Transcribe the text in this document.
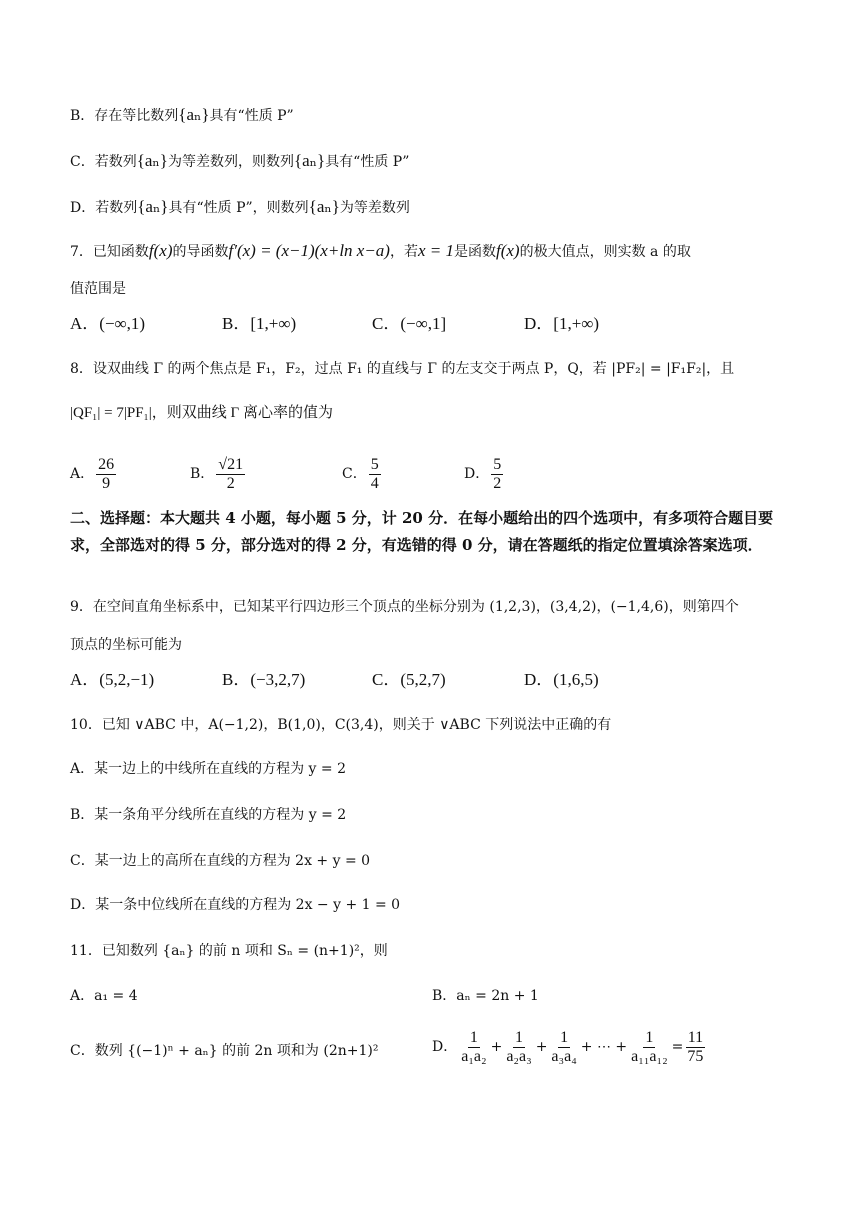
B．存在等比数列{aₙ}具有“性质 P”
C．若数列{aₙ}为等差数列，则数列{aₙ}具有“性质 P”
D．若数列{aₙ}具有“性质 P”，则数列{aₙ}为等差数列
7．已知函数f(x)的导函数f′(x) = (x−1)(x+ln x−a)，若x = 1是函数f(x)的极大值点，则实数 a 的取
值范围是
A．(−∞,1)	B．[1,+∞)	C．(−∞,1]	D．[1,+∞)
8．设双曲线 Γ 的两个焦点是 F₁，F₂，过点 F₁ 的直线与 Γ 的左支交于两点 P，Q，若 |PF₂| = |F₁F₂|，且
|QF₁| = 7|PF₁|，则双曲线 Γ 离心率的值为
A． $\frac{26}{9}$	B． $\frac{√21}{2}$	C． $\frac{5}{4}$	D． $\frac{5}{2}$
二、选择题：本大题共 4 小题，每小题 5 分，计 20 分．在每小题给出的四个选项中，有多项符合题目要求，全部选对的得 5 分，部分选对的得 2 分，有选错的得 0 分，请在答题纸的指定位置填涂答案选项．
9．在空间直角坐标系中，已知某平行四边形三个顶点的坐标分别为 (1,2,3)，(3,4,2)，(−1,4,6)，则第四个
顶点的坐标可能为
A．(5,2,−1)	B．(−3,2,7)	C．(5,2,7)	D．(1,6,5)
10．已知 ∨ABC 中，A(−1,2)，B(1,0)，C(3,4)，则关于 ∨ABC 下列说法中正确的有
A．某一边上的中线所在直线的方程为 y = 2
B．某一条角平分线所在直线的方程为 y = 2
C．某一边上的高所在直线的方程为 2x + y = 0
D．某一条中位线所在直线的方程为 2x − y + 1 = 0
11．已知数列 {aₙ} 的前 n 项和 Sₙ = (n+1)²，则
A．a₁ = 4	B．aₙ = 2n + 1
C．数列 {(−1)ⁿ + aₙ} 的前 2n 项和为 (2n+1)²	D． $\frac{1}{\text{a₁a₂}} + \frac{1}{\text{a₂a₃}} + \frac{1}{\text{a₃a₄}}$ + ⋯ + $\frac{1}{\text{a₁₁a₁₂}} = \frac{11}{75}$
